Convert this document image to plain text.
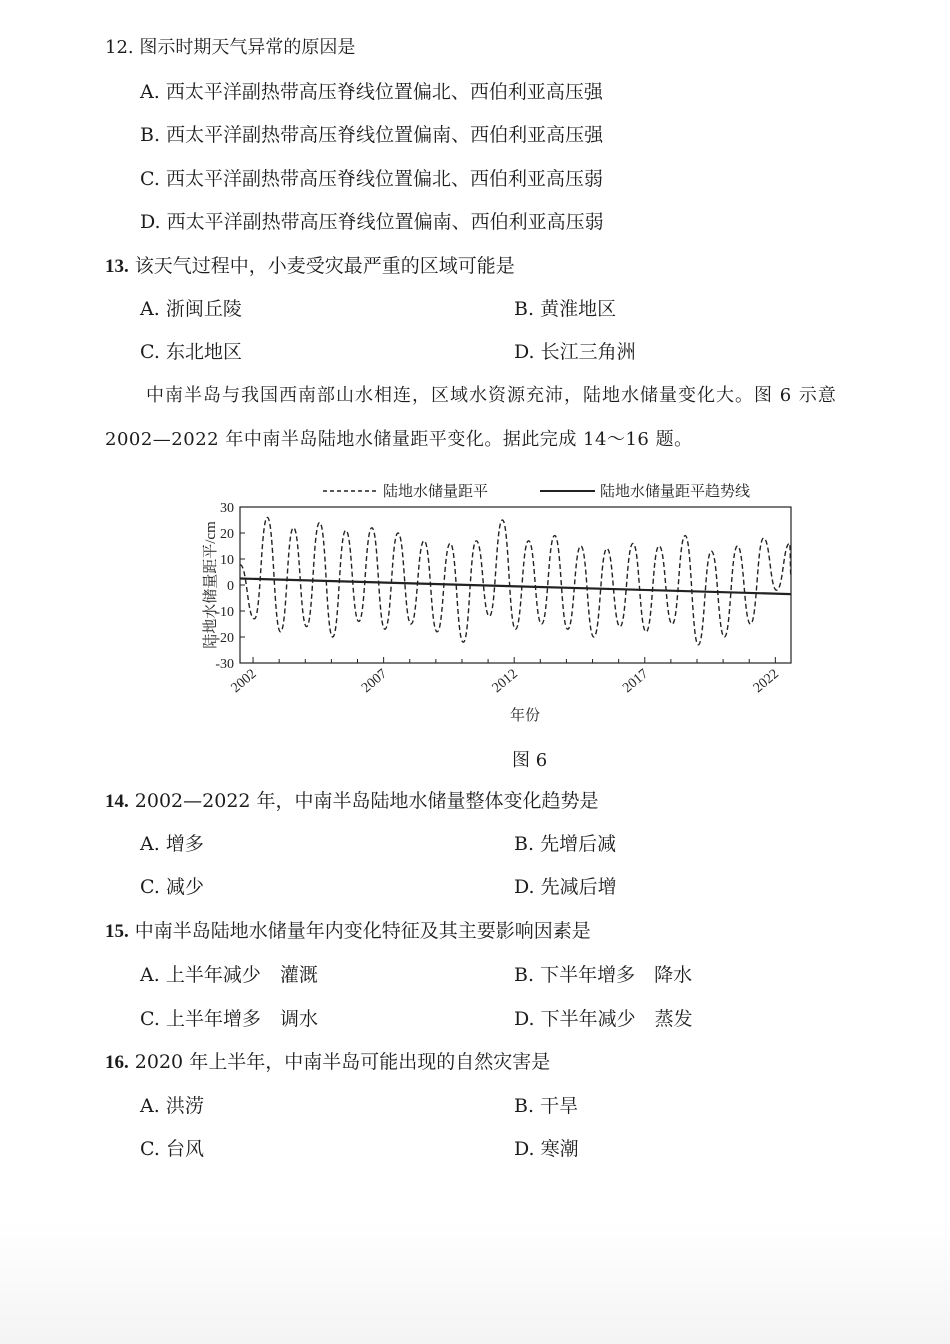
12. 图示时期天气异常的原因是
A. 西太平洋副热带高压脊线位置偏北、西伯利亚高压强
B. 西太平洋副热带高压脊线位置偏南、西伯利亚高压强
C. 西太平洋副热带高压脊线位置偏北、西伯利亚高压弱
D. 西太平洋副热带高压脊线位置偏南、西伯利亚高压弱
13. 该天气过程中，小麦受灾最严重的区域可能是
A. 浙闽丘陵	B. 黄淮地区
C. 东北地区	D. 长江三角洲
中南半岛与我国西南部山水相连，区域水资源充沛，陆地水储量变化大。图 6 示意
2002—2022 年中南半岛陆地水储量距平变化。据此完成 14～16 题。
陆地水储量距平	陆地水储量距平趋势线
30
20
10
0
-10
-20
-30
2002	2007	2012	2017	2022
陆地水储量距平/cm
年份
图 6
14. 2002—2022 年，中南半岛陆地水储量整体变化趋势是
A. 增多	B. 先增后减
C. 减少	D. 先减后增
15. 中南半岛陆地水储量年内变化特征及其主要影响因素是
A. 上半年减少　灌溉	B. 下半年增多　降水
C. 上半年增多　调水	D. 下半年减少　蒸发
16. 2020 年上半年，中南半岛可能出现的自然灾害是
A. 洪涝	B. 干旱
C. 台风	D. 寒潮
